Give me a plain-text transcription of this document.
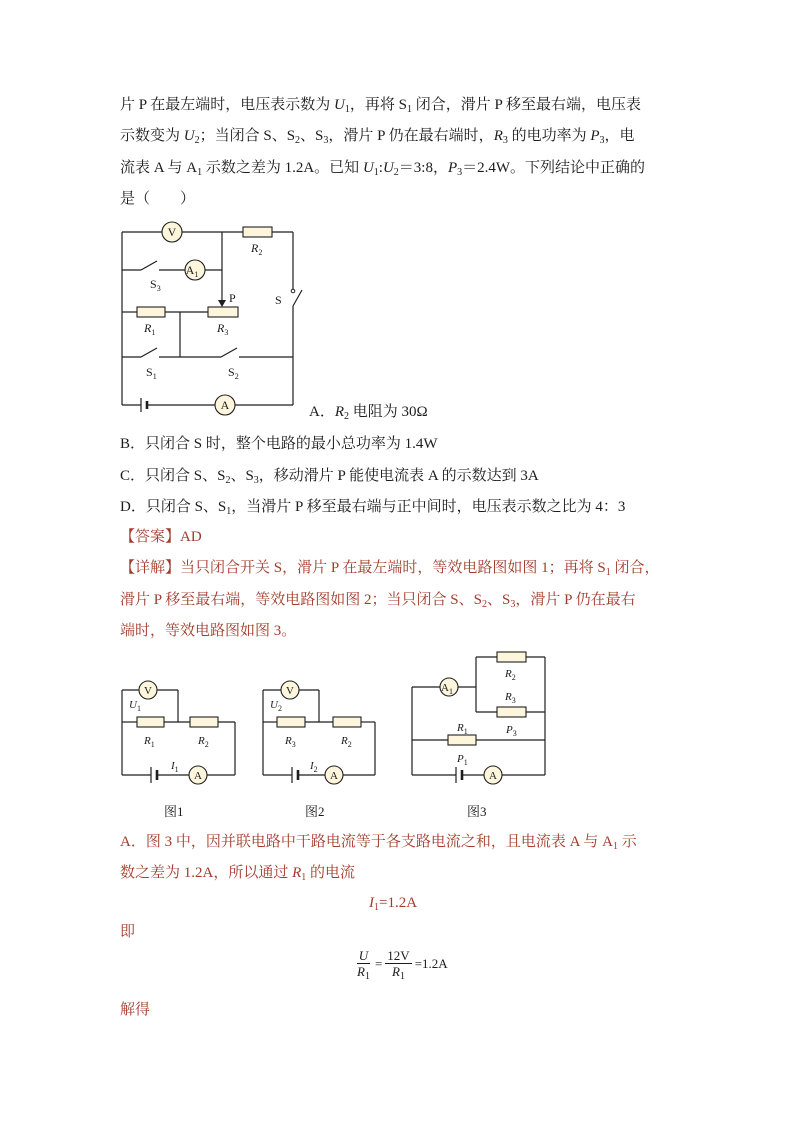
片 P 在最左端时，电压表示数为 $U_1$，再将 $S_1$ 闭合，滑片 P 移至最右端，电压表
示数变为 $U_2$；当闭合 S、$S_2$、$S_3$，滑片 P 仍在最右端时，$R_3$ 的电功率为 $P_3$，电
流表 A 与 $A_1$ 示数之差为 1.2A。已知 $U_1:U_2=3:8$，$P_3=2.4W$。下列结论中正确的
是（　　）
V
$A_1$
A
$R_2$
$S_3$
P	S
$R_1$	$R_3$
$S_1$	$S_2$
A．$R_2$ 电阻为 30Ω
B．只闭合 S 时，整个电路的最小总功率为 1.4W
C．只闭合 S、$S_2$、$S_3$，移动滑片 P 能使电流表 A 的示数达到 3A
D．只闭合 S、$S_1$，当滑片 P 移至最右端与正中间时，电压表示数之比为 4：3
【答案】AD
【详解】当只闭合开关 S，滑片 P 在最左端时，等效电路图如图 1；再将 $S_1$ 闭合，
滑片 P 移至最右端，等效电路图如图 2；当只闭合 S、$S_2$、$S_3$，滑片 P 仍在最右
端时，等效电路图如图 3。
V
A
$U_1$
$R_1$	$R_2$
$I_1$
V
A
$U_2$
$R_3$	$R_2$
$I_2$
$A_1$
A
$R_2$
$R_3$
$P_3$
$R_1$
$P_1$
图1	图2	图3
A．图 3 中，因并联电路中干路电流等于各支路电流之和，且电流表 A 与 $A_1$ 示
数之差为 1.2A，所以通过 $R_1$ 的电流
$I_1=1.2A$
即
$\frac{U}{R_1} = \frac{12V}{R_1} =1.2A$
解得
